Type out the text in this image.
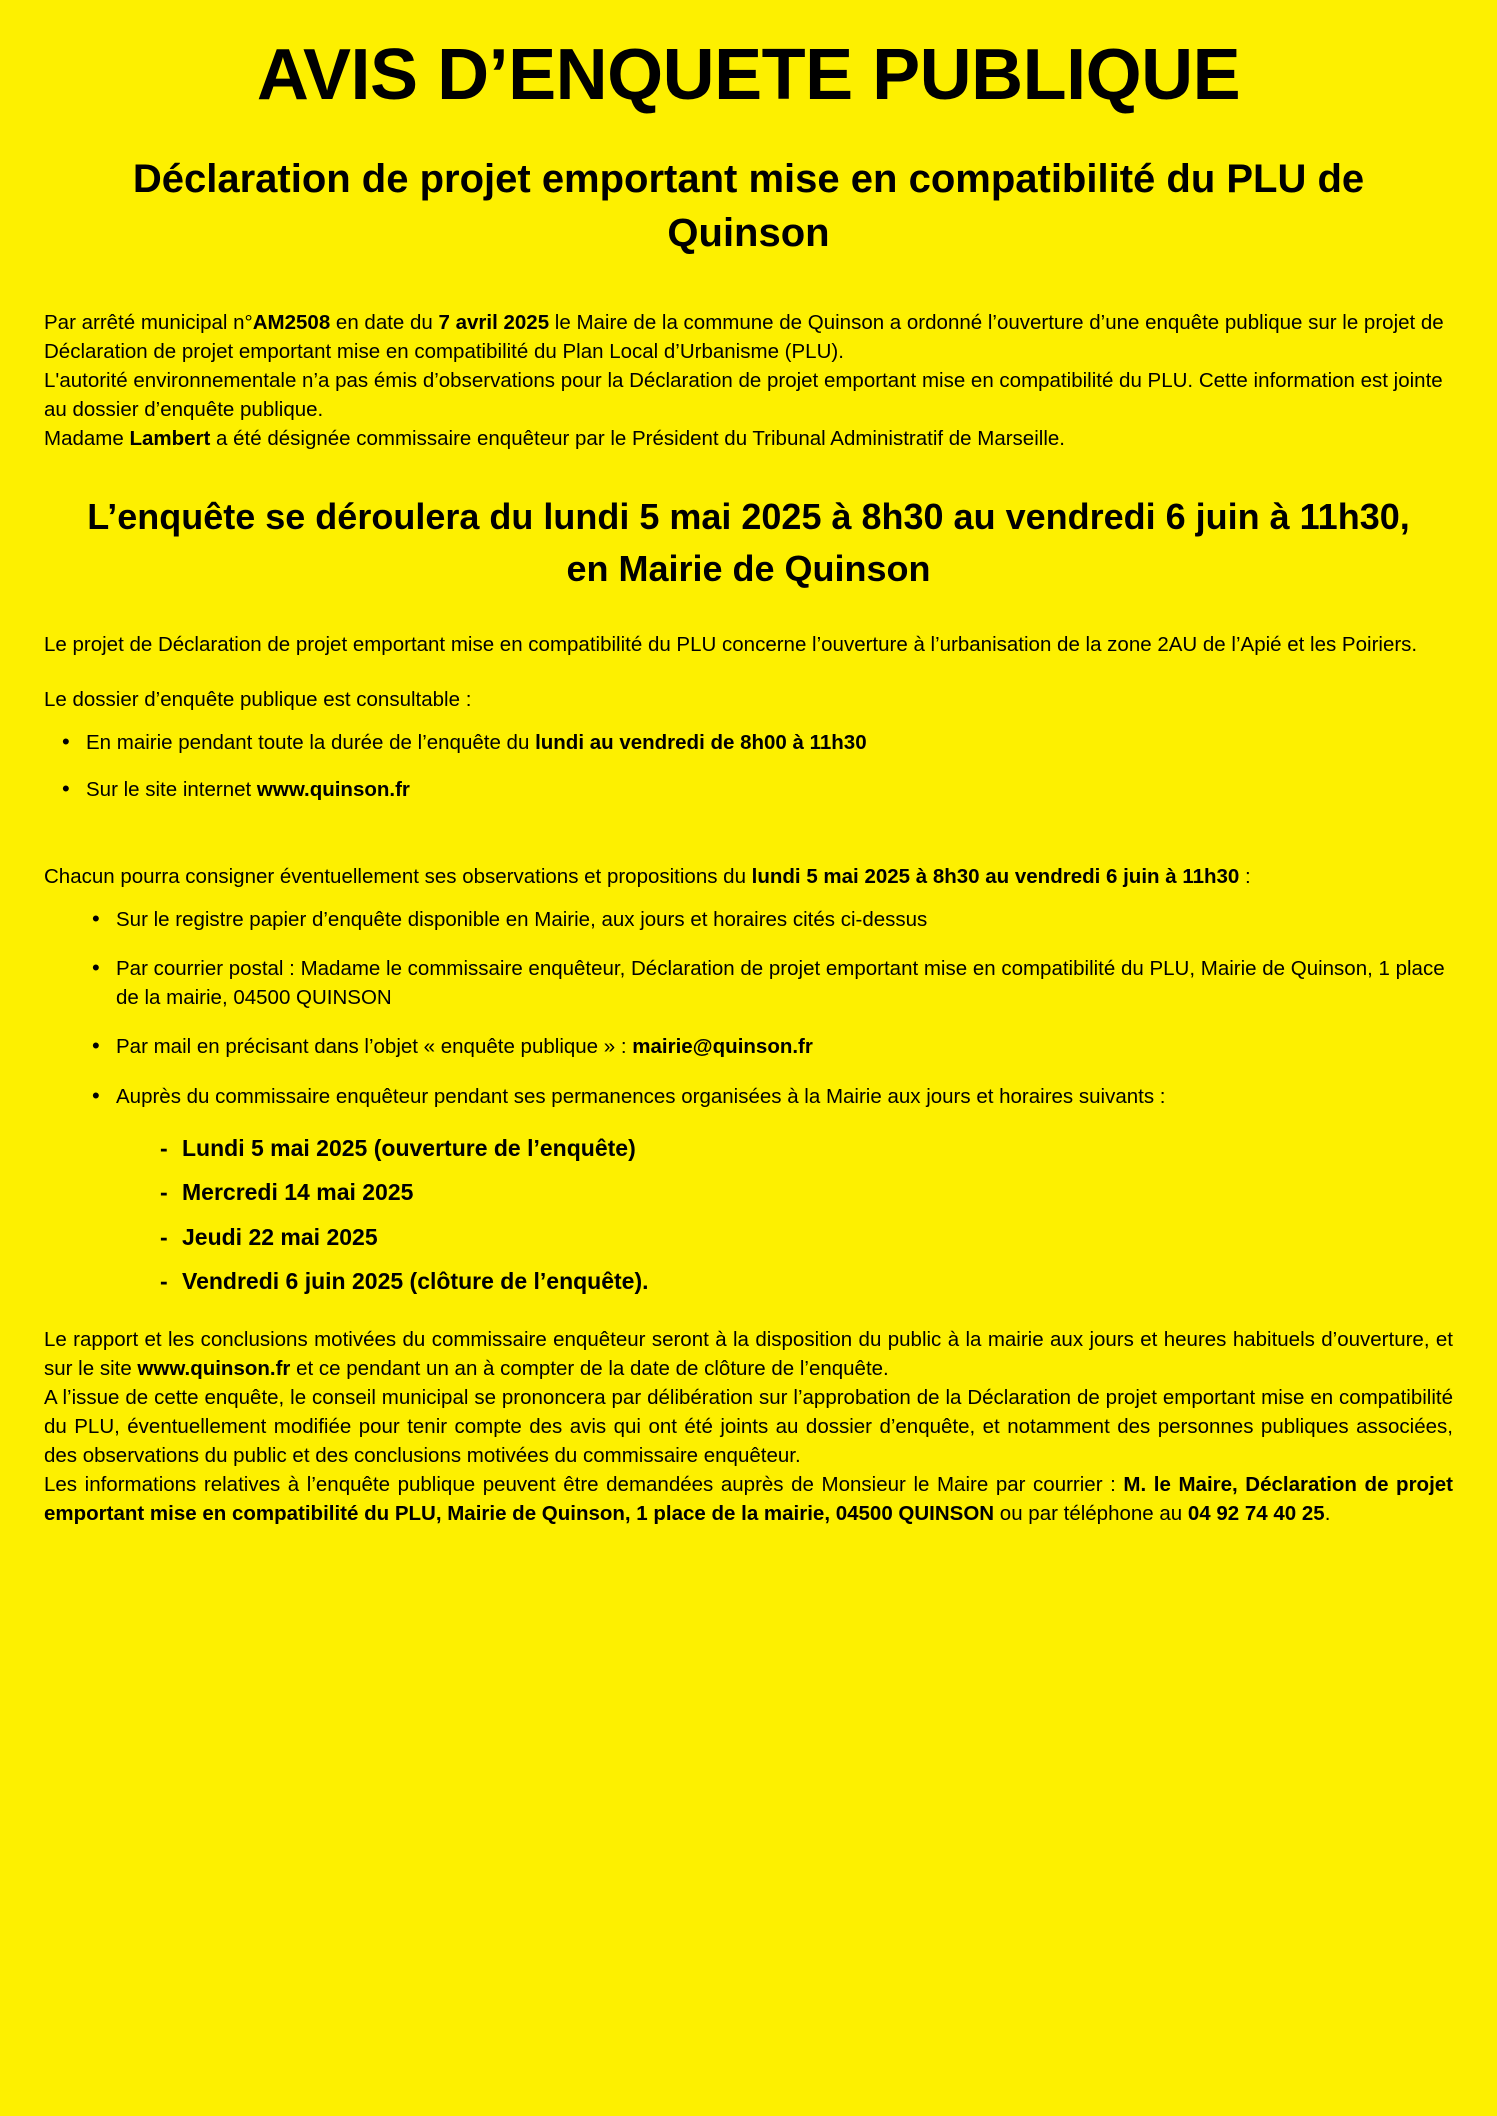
AVIS D’ENQUETE PUBLIQUE
Déclaration de projet emportant mise en compatibilité du PLU de Quinson

Par arrêté municipal n°AM2508 en date du 7 avril 2025 le Maire de la commune de Quinson a ordonné l’ouverture d’une enquête publique sur le projet de Déclaration de projet emportant mise en compatibilité du Plan Local d’Urbanisme (PLU).

L'autorité environnementale n’a pas émis d’observations pour la Déclaration de projet emportant mise en compatibilité du PLU. Cette information est jointe au dossier d’enquête publique.

Madame Lambert a été désignée commissaire enquêteur par le Président du Tribunal Administratif de Marseille.

L’enquête se déroulera du lundi 5 mai 2025 à 8h30 au vendredi 6 juin à 11h30, en Mairie de Quinson

Le projet de Déclaration de projet emportant mise en compatibilité du PLU concerne l’ouverture à l’urbanisation de la zone 2AU de l’Apié et les Poiriers.

Le dossier d’enquête publique est consultable :

• En mairie pendant toute la durée de l’enquête du lundi au vendredi de 8h00 à 11h30
• Sur le site internet www.quinson.fr

Chacun pourra consigner éventuellement ses observations et propositions du lundi 5 mai 2025 à 8h30 au vendredi 6 juin à 11h30 :

• Sur le registre papier d’enquête disponible en Mairie, aux jours et horaires cités ci-dessus
• Par courrier postal : Madame le commissaire enquêteur, Déclaration de projet emportant mise en compatibilité du PLU, Mairie de Quinson, 1 place de la mairie, 04500 QUINSON
• Par mail en précisant dans l’objet « enquête publique » : mairie@quinson.fr
• Auprès du commissaire enquêteur pendant ses permanences organisées à la Mairie aux jours et horaires suivants :
- Lundi 5 mai 2025 (ouverture de l’enquête)
- Mercredi 14 mai 2025
- Jeudi 22 mai 2025
- Vendredi 6 juin 2025 (clôture de l’enquête).

Le rapport et les conclusions motivées du commissaire enquêteur seront à la disposition du public à la mairie aux jours et heures habituels d’ouverture, et sur le site www.quinson.fr et ce pendant un an à compter de la date de clôture de l’enquête.

A l’issue de cette enquête, le conseil municipal se prononcera par délibération sur l’approbation de la Déclaration de projet emportant mise en compatibilité du PLU, éventuellement modifiée pour tenir compte des avis qui ont été joints au dossier d’enquête, et notamment des personnes publiques associées, des observations du public et des conclusions motivées du commissaire enquêteur.

Les informations relatives à l’enquête publique peuvent être demandées auprès de Monsieur le Maire par courrier : M. le Maire, Déclaration de projet emportant mise en compatibilité du PLU, Mairie de Quinson, 1 place de la mairie, 04500 QUINSON ou par téléphone au 04 92 74 40 25.
